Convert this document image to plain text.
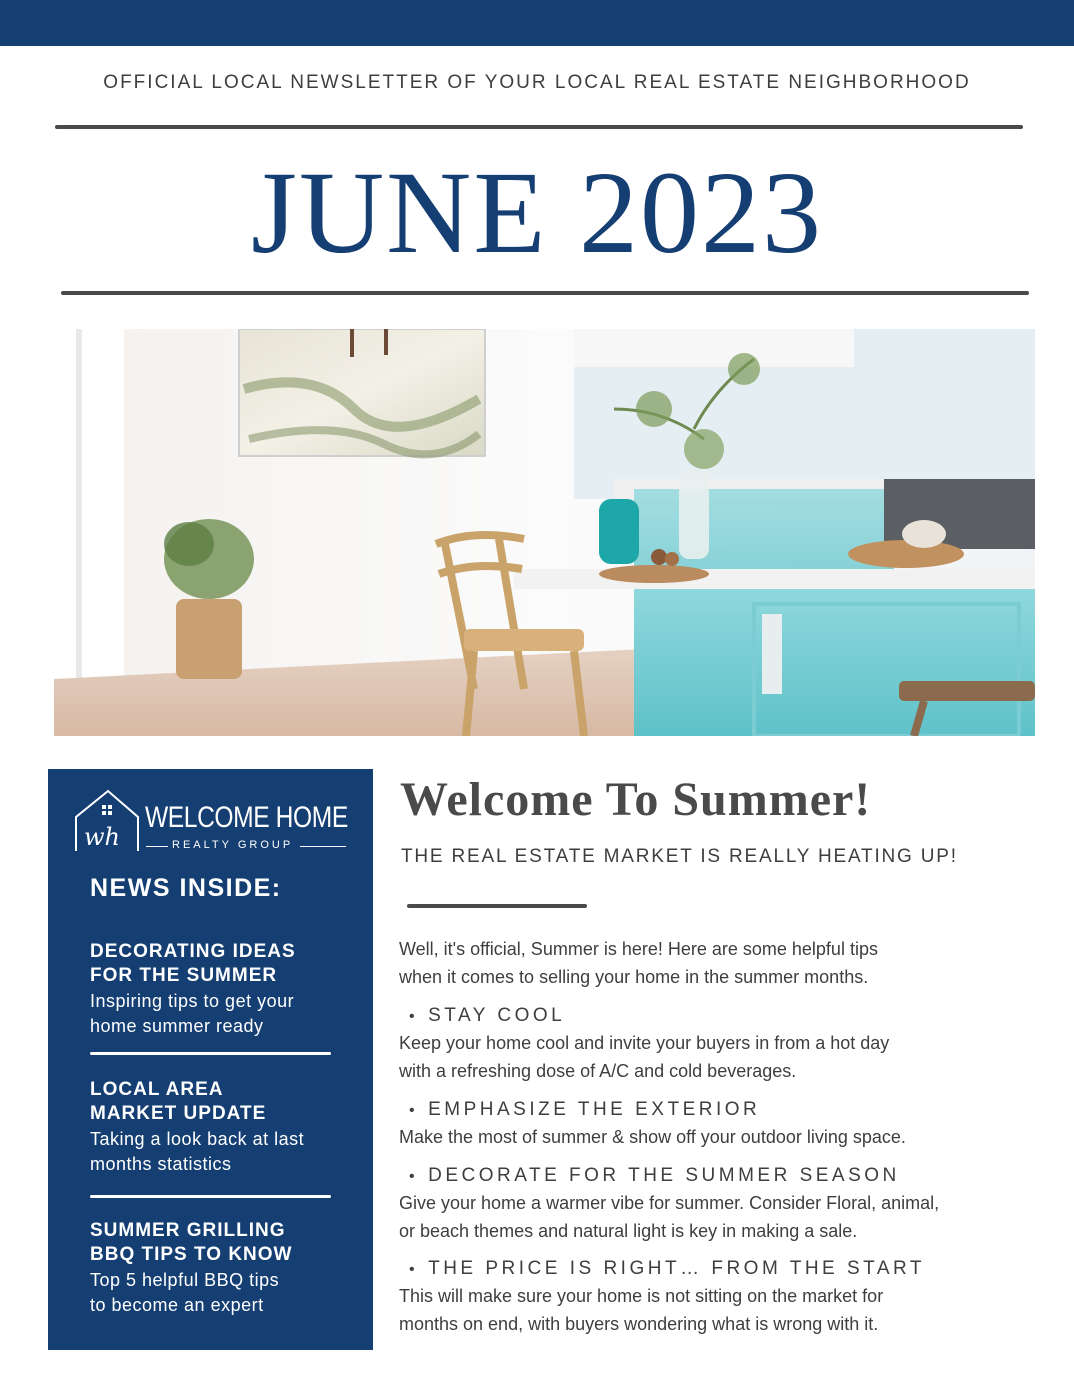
OFFICIAL LOCAL NEWSLETTER OF YOUR LOCAL REAL ESTATE NEIGHBORHOOD
JUNE 2023
wh
WELCOME HOME
REALTY GROUP
NEWS INSIDE:
DECORATING IDEAS
FOR THE SUMMER
Inspiring tips to get your
home summer ready
LOCAL AREA
MARKET UPDATE
Taking a look back at last
months statistics
SUMMER GRILLING
BBQ TIPS TO KNOW
Top 5 helpful BBQ tips
to become an expert
Welcome To Summer!
THE REAL ESTATE MARKET IS REALLY HEATING UP!
Well, it's official, Summer is here! Here are some helpful tips
when it comes to selling your home in the summer months.
• STAY COOL
Keep your home cool and invite your buyers in from a hot day
with a refreshing dose of A/C and cold beverages.
• EMPHASIZE THE EXTERIOR
Make the most of summer & show off your outdoor living space.
• DECORATE FOR THE SUMMER SEASON
Give your home a warmer vibe for summer. Consider Floral, animal,
or beach themes and natural light is key in making a sale.
• THE PRICE IS RIGHT… FROM THE START
This will make sure your home is not sitting on the market for
months on end, with buyers wondering what is wrong with it.
